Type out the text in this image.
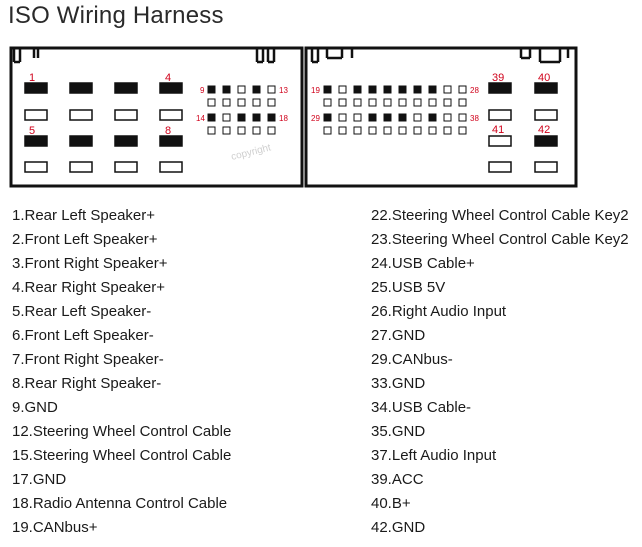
ISO Wiring Harness
1	4
5	8
9	13
14	18
19	28
29	38
39	40
41	42
copyright
1.Rear Left Speaker+
2.Front Left Speaker+
3.Front Right Speaker+
4.Rear Right Speaker+
5.Rear Left Speaker-
6.Front Left Speaker-
7.Front Right Speaker-
8.Rear Right Speaker-
9.GND
12.Steering Wheel Control Cable
15.Steering Wheel Control Cable
17.GND
18.Radio Antenna Control Cable
19.CANbus+
22.Steering Wheel Control Cable Key2
23.Steering Wheel Control Cable Key2
24.USB Cable+
25.USB 5V
26.Right Audio Input
27.GND
29.CANbus-
33.GND
34.USB Cable-
35.GND
37.Left Audio Input
39.ACC
40.B+
42.GND
